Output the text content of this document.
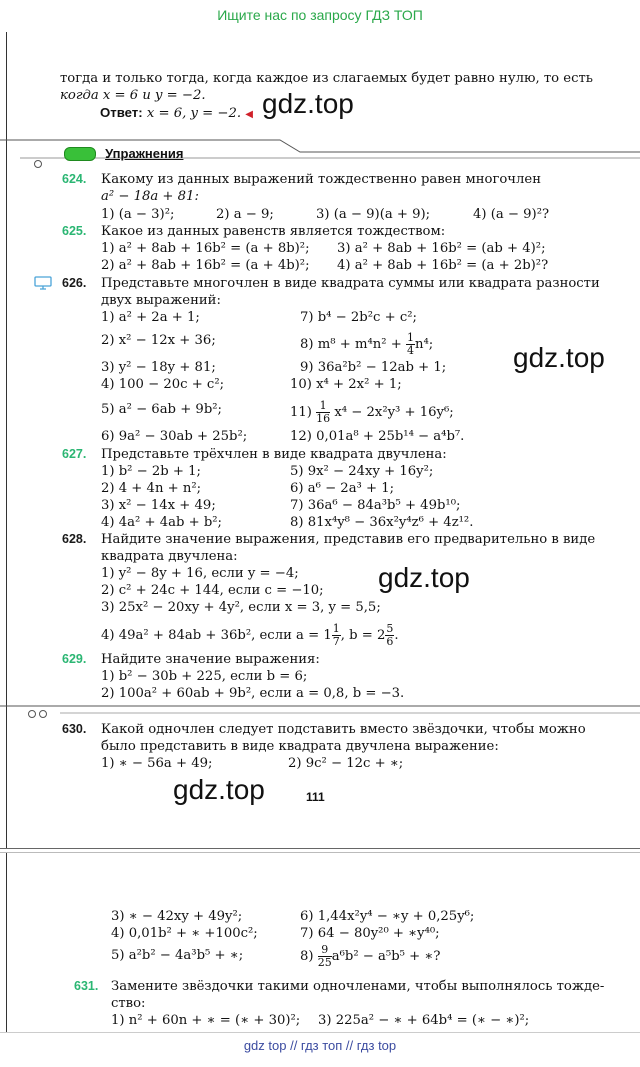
Ищите нас по запросу ГДЗ ТОП
тогда и только тогда, когда каждое из слагаемых будет равно нулю, то есть
когда x = 6 и y = −2.
Ответ: x = 6, y = −2. ◀ gdz.top
Упражнения
624. Какому из данных выражений тождественно равен многочлен
a² − 18a + 81:
1) (a − 3)²;	2) a − 9;	3) (a − 9)(a + 9);	4) (a − 9)²?
625. Какое из данных равенств является тождеством:
1) a² + 8ab + 16b² = (a + 8b)²; 3) a² + 8ab + 16b² = (ab + 4)²;
2) a² + 8ab + 16b² = (a + 4b)²; 4) a² + 8ab + 16b² = (a + 2b)²?
626. Представьте многочлен в виде квадрата суммы или квадрата разности
двух выражений:
1) a² + 2a + 1;
2) x² − 12x + 36;
3) y² − 18y + 81;
4) 100 − 20c + c²;
5) a² − 6ab + 9b²;
6) 9a² − 30ab + 25b²;
7) b⁴ − 2b²c + c²;
8) $m^8 + m^4n^2 + \frac{1}{4} n^4$;
9) 36a²b² − 12ab + 1;
10) x⁴ + 2x² + 1;
$11) \frac{1}{16} x^4 - 2x^2y^3 + 16y^6$;
12) 0,01a⁸ + 25b¹⁴ − a⁴b⁷.
gdz.top
627. Представьте трёхчлен в виде квадрата двучлена:
1) b² − 2b + 1;
2) 4 + 4n + n²;
3) x² − 14x + 49;
4) 4a² + 4ab + b²;
5) 9x² − 24xy + 16y²;
6) a⁶ − 2a³ + 1;
7) 36a⁶ − 84a³b⁵ + 49b¹⁰;
8) 81x⁴y⁸ − 36x²y⁴z⁶ + 4z¹².
628. Найдите значение выражения, представив его предварительно в виде
квадрата двучлена:
1) y² − 8y + 16, если y = −4;
2) c² + 24c + 144, если c = −10;
3) 25x² − 20xy + 4y², если x = 3, y = 5,5;
4) 49a² + 84ab + 36b², если $a = 1 \frac{1}{7}$ , $b = 2 \frac{5}{6}$ .
gdz.top
629. Найдите значение выражения:
1) b² − 30b + 225, если b = 6;
2) 100a² + 60ab + 9b², если a = 0,8, b = −3.
630. Какой одночлен следует подставить вместо звёздочки, чтобы можно
было представить в виде квадрата двучлена выражение:
1) ∗ − 56a + 49;	2) 9c² − 12c + ∗;
gdz.top	111
3) ∗ − 42xy + 49y²;
4) 0,01b² + ∗ +100c²;
5) a²b² − 4a³b⁵ + ∗;
6) 1,44x²y⁴ − ∗y + 0,25y⁶;
7) 64 − 80y²⁰ + ∗y⁴⁰;
$8) \frac{9}{25} a^6b^2 - a^5b^5$ + ∗?
631. Замените звёздочки такими одночленами, чтобы выполнялось тожде-
ство:
1) n² + 60n + ∗ = (∗ + 30)²; 3) 225a² − ∗ + 64b⁴ = (∗ − ∗)²;
gdz top // гдз топ // гдз top
